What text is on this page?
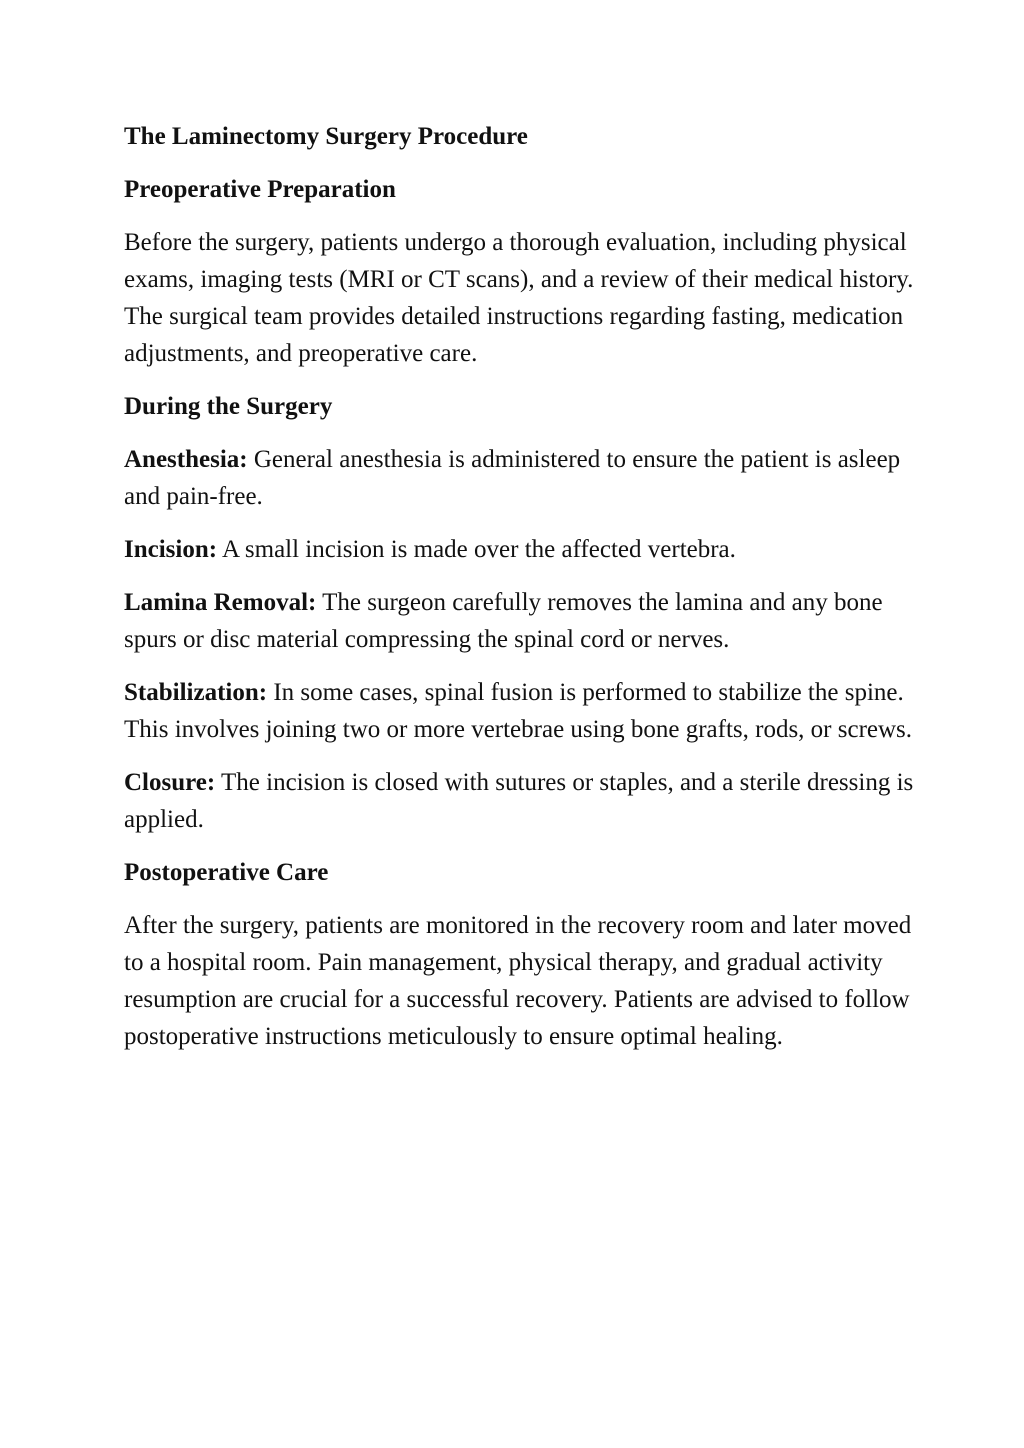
The Laminectomy Surgery Procedure
Preoperative Preparation

Before the surgery, patients undergo a thorough evaluation, including physical exams, imaging tests (MRI or CT scans), and a review of their medical history. The surgical team provides detailed instructions regarding fasting, medication adjustments, and preoperative care.

During the Surgery

Anesthesia: General anesthesia is administered to ensure the patient is asleep and pain-free.

Incision: A small incision is made over the affected vertebra.

Lamina Removal: The surgeon carefully removes the lamina and any bone spurs or disc material compressing the spinal cord or nerves.

Stabilization: In some cases, spinal fusion is performed to stabilize the spine. This involves joining two or more vertebrae using bone grafts, rods, or screws.

Closure: The incision is closed with sutures or staples, and a sterile dressing is applied.

Postoperative Care

After the surgery, patients are monitored in the recovery room and later moved to a hospital room. Pain management, physical therapy, and gradual activity resumption are crucial for a successful recovery. Patients are advised to follow postoperative instructions meticulously to ensure optimal healing.
